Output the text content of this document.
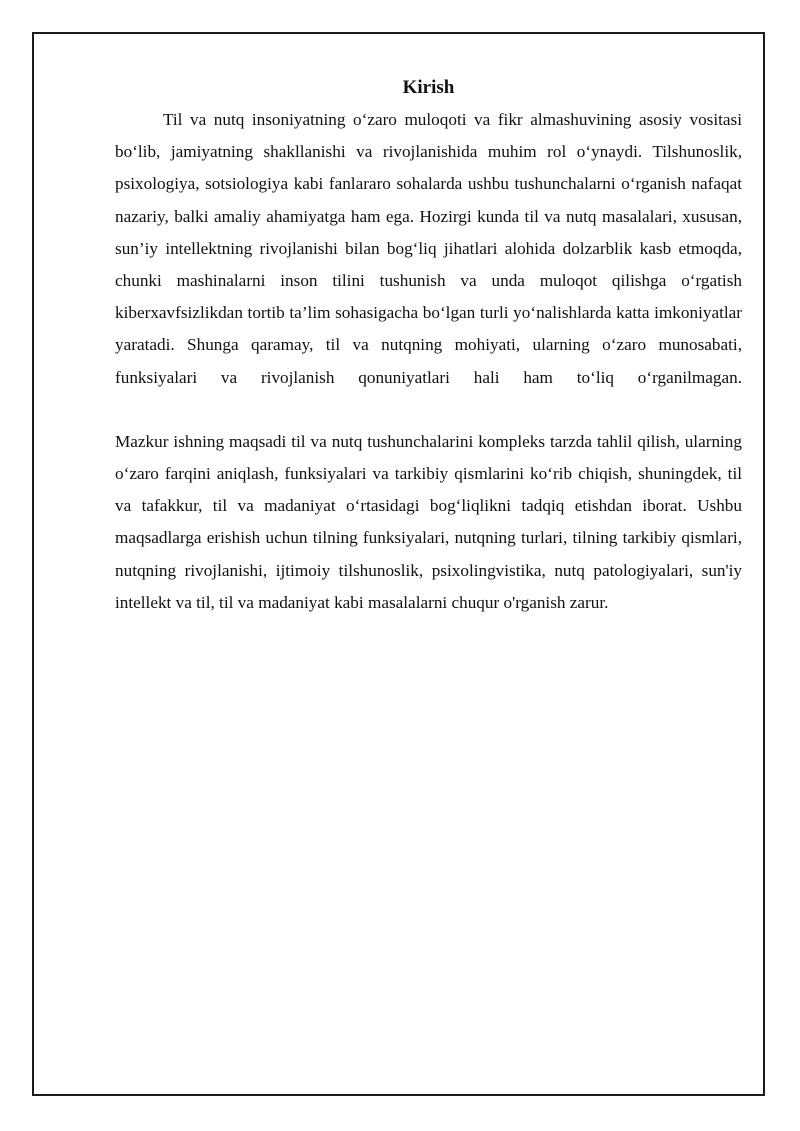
Kirish

Til va nutq insoniyatning o‘zaro muloqoti va fikr almashuvining asosiy vositasi bo‘lib, jamiyatning shakllanishi va rivojlanishida muhim rol o‘ynaydi. Tilshunoslik, psixologiya, sotsiologiya kabi fanlararo sohalarda ushbu tushunchalarni o‘rganish nafaqat nazariy, balki amaliy ahamiyatga ham ega. Hozirgi kunda til va nutq masalalari, xususan, sun’iy intellektning rivojlanishi bilan bog‘liq jihatlari alohida dolzarblik kasb etmoqda, chunki mashinalarni inson tilini tushunish va unda muloqot qilishga o‘rgatish kiberxavfsizlikdan tortib ta’lim sohasigacha bo‘lgan turli yo‘nalishlarda katta imkoniyatlar yaratadi. Shunga qaramay, til va nutqning mohiyati, ularning o‘zaro munosabati, funksiyalari va rivojlanish qonuniyatlari hali ham to‘liq o‘rganilmagan.

Mazkur ishning maqsadi til va nutq tushunchalarini kompleks tarzda tahlil qilish, ularning o‘zaro farqini aniqlash, funksiyalari va tarkibiy qismlarini ko‘rib chiqish, shuningdek, til va tafakkur, til va madaniyat o‘rtasidagi bog‘liqlikni tadqiq etishdan iborat. Ushbu maqsadlarga erishish uchun tilning funksiyalari, nutqning turlari, tilning tarkibiy qismlari, nutqning rivojlanishi, ijtimoiy tilshunoslik, psixolingvistika, nutq patologiyalari, sun'iy intellekt va til, til va madaniyat kabi masalalarni chuqur o'rganish zarur.
